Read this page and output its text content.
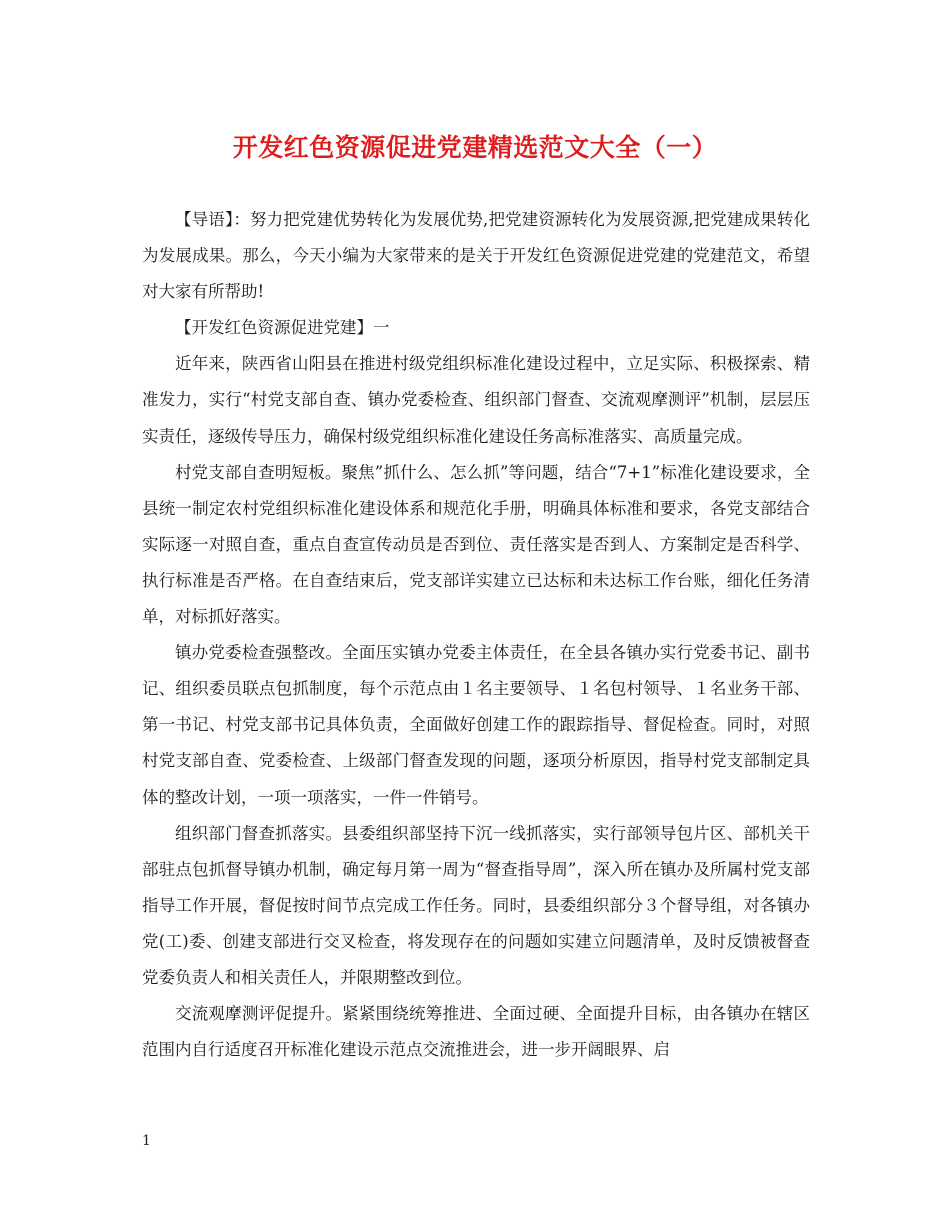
开发红色资源促进党建精选范文大全（一）

【导语】：努力把党建优势转化为发展优势,把党建资源转化为发展资源,把党建成果转化为发展成果。那么，今天小编为大家带来的是关于开发红色资源促进党建的党建范文，希望对大家有所帮助!

【开发红色资源促进党建】一

近年来，陕西省山阳县在推进村级党组织标准化建设过程中，立足实际、积极探索、精准发力，实行“村党支部自查、镇办党委检查、组织部门督查、交流观摩测评”机制，层层压实责任，逐级传导压力，确保村级党组织标准化建设任务高标准落实、高质量完成。

村党支部自查明短板。聚焦”抓什么、怎么抓”等问题，结合“7+1”标准化建设要求，全县统一制定农村党组织标准化建设体系和规范化手册，明确具体标准和要求，各党支部结合实际逐一对照自查，重点自查宣传动员是否到位、责任落实是否到人、方案制定是否科学、执行标准是否严格。在自查结束后，党支部详实建立已达标和未达标工作台账，细化任务清单，对标抓好落实。

镇办党委检查强整改。全面压实镇办党委主体责任，在全县各镇办实行党委书记、副书记、组织委员联点包抓制度，每个示范点由１名主要领导、１名包村领导、１名业务干部、第一书记、村党支部书记具体负责，全面做好创建工作的跟踪指导、督促检查。同时，对照村党支部自查、党委检查、上级部门督查发现的问题，逐项分析原因，指导村党支部制定具体的整改计划，一项一项落实，一件一件销号。

组织部门督查抓落实。县委组织部坚持下沉一线抓落实，实行部领导包片区、部机关干部驻点包抓督导镇办机制，确定每月第一周为“督查指导周”，深入所在镇办及所属村党支部指导工作开展，督促按时间节点完成工作任务。同时，县委组织部分３个督导组，对各镇办党(工)委、创建支部进行交叉检查，将发现存在的问题如实建立问题清单，及时反馈被督查党委负责人和相关责任人，并限期整改到位。

交流观摩测评促提升。紧紧围绕统筹推进、全面过硬、全面提升目标，由各镇办在辖区范围内自行适度召开标准化建设示范点交流推进会，进一步开阔眼界、启

1
